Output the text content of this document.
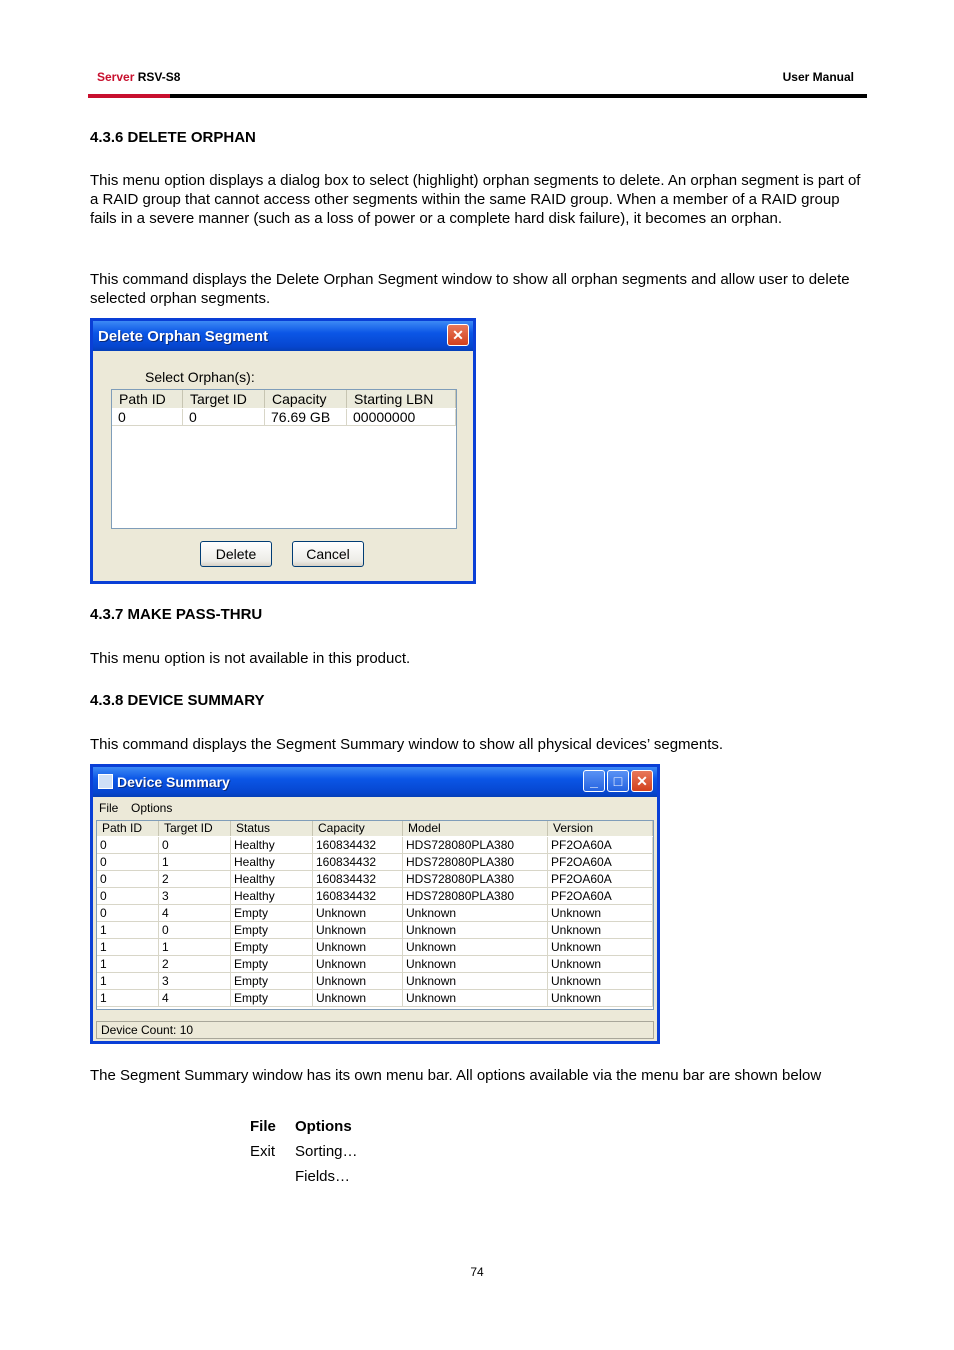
Server RSV-S8	User Manual
4.3.6 DELETE ORPHAN
This menu option displays a dialog box to select (highlight) orphan segments to delete. An orphan segment is part of a RAID group that cannot access other segments within the same RAID group. When a member of a RAID group fails in a severe manner (such as a loss of power or a complete hard disk failure), it becomes an orphan.
This command displays the Delete Orphan Segment window to show all orphan segments and allow user to delete selected orphan segments.
Delete Orphan Segment	✕
Select Orphan(s):
Path ID	Target ID	Capacity	Starting LBN
0	0	76.69 GB	00000000
Delete	Cancel
4.3.7 MAKE PASS-THRU
This menu option is not available in this product.
4.3.8 DEVICE SUMMARY
This command displays the Segment Summary window to show all physical devices’ segments.
Device Summary	_	□ ✕
File Options
Path ID	Target ID	Status	Capacity	Model	Version
0	0	Healthy	160834432	HDS728080PLA380	PF2OA60A
0	1	Healthy	160834432	HDS728080PLA380	PF2OA60A
0	2	Healthy	160834432	HDS728080PLA380	PF2OA60A
0	3	Healthy	160834432	HDS728080PLA380	PF2OA60A
0	4	Empty	Unknown	Unknown	Unknown
1	0	Empty	Unknown	Unknown	Unknown
1	1	Empty	Unknown	Unknown	Unknown
1	2	Empty	Unknown	Unknown	Unknown
1	3	Empty	Unknown	Unknown	Unknown
1	4	Empty	Unknown	Unknown	Unknown
Device Count: 10
The Segment Summary window has its own menu bar. All options available via the menu bar are shown below
File	Options
Exit	Sorting…
	Fields…
74
